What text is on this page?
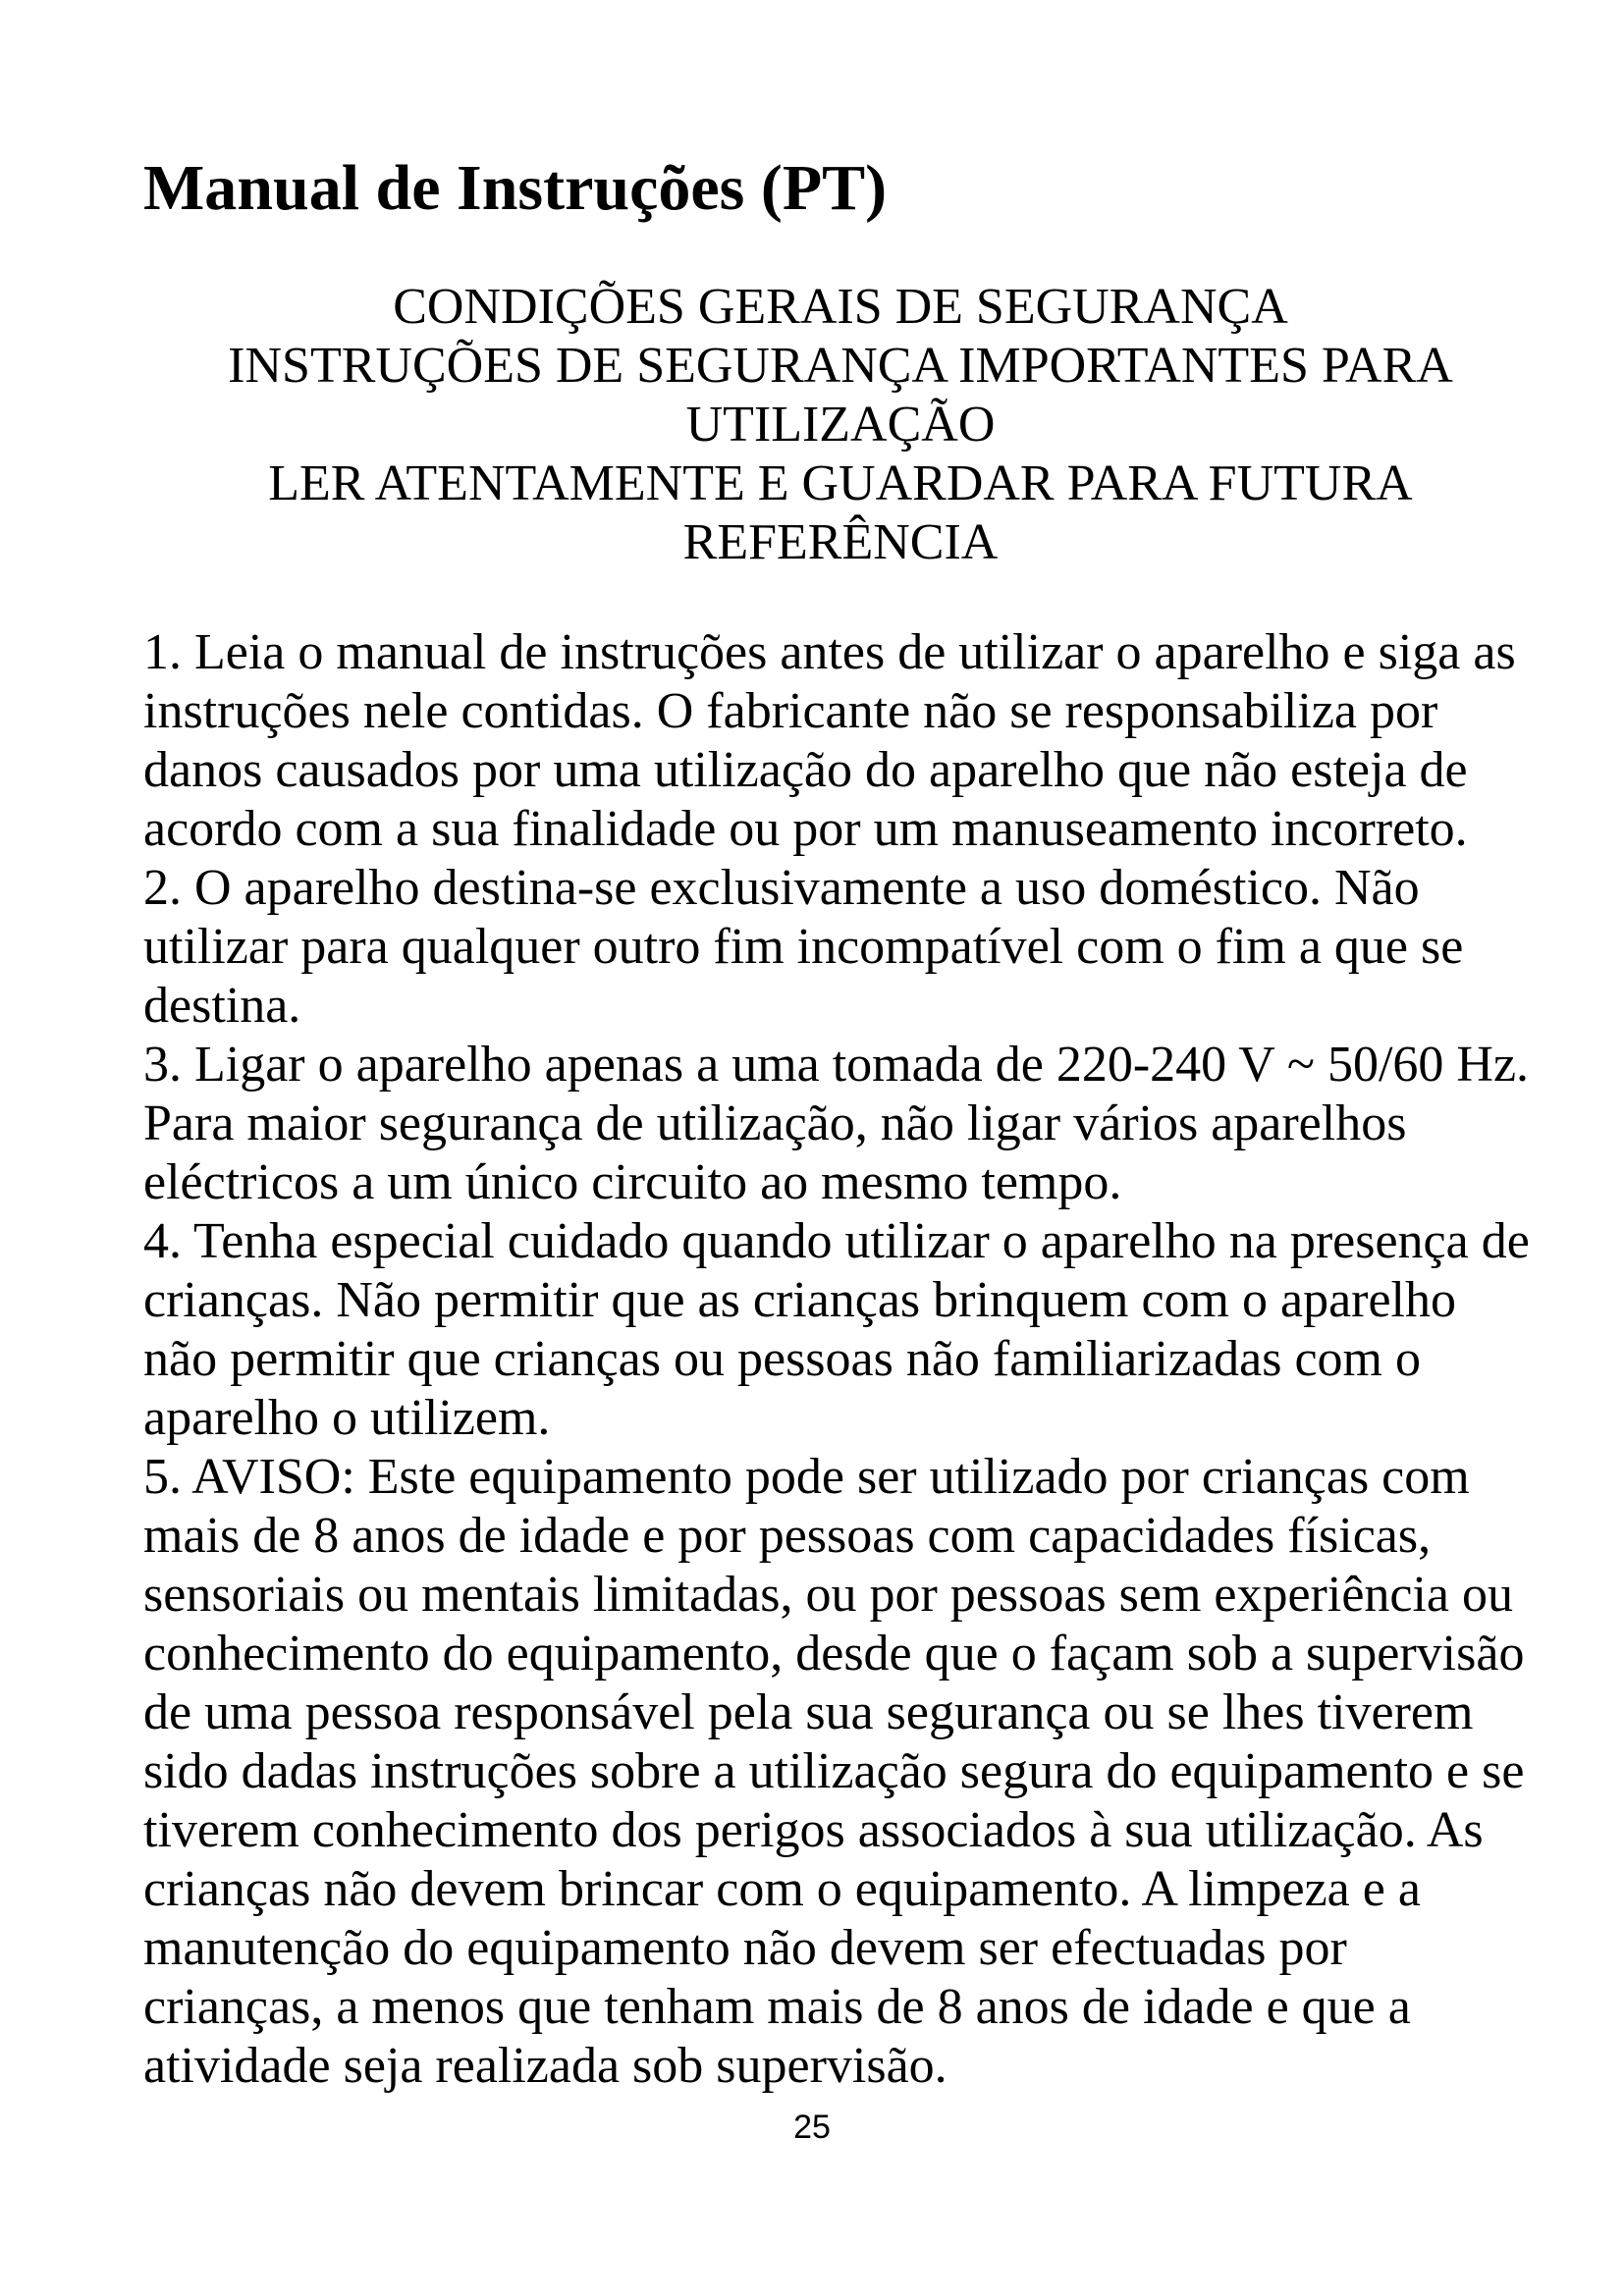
Manual de Instruções (PT)
CONDIÇÕES GERAIS DE SEGURANÇA
INSTRUÇÕES DE SEGURANÇA IMPORTANTES PARA
UTILIZAÇÃO
LER ATENTAMENTE E GUARDAR PARA FUTURA
REFERÊNCIA

1. Leia o manual de instruções antes de utilizar o aparelho e siga as

instruções nele contidas. O fabricante não se responsabiliza por

danos causados por uma utilização do aparelho que não esteja de

acordo com a sua finalidade ou por um manuseamento incorreto.

2. O aparelho destina-se exclusivamente a uso doméstico. Não

utilizar para qualquer outro fim incompatível com o fim a que se

destina.

3. Ligar o aparelho apenas a uma tomada de 220-240 V ~ 50/60 Hz.

Para maior segurança de utilização, não ligar vários aparelhos

eléctricos a um único circuito ao mesmo tempo.

4. Tenha especial cuidado quando utilizar o aparelho na presença de

crianças. Não permitir que as crianças brinquem com o aparelho

não permitir que crianças ou pessoas não familiarizadas com o

aparelho o utilizem.

5. AVISO: Este equipamento pode ser utilizado por crianças com

mais de 8 anos de idade e por pessoas com capacidades físicas,

sensoriais ou mentais limitadas, ou por pessoas sem experiência ou

conhecimento do equipamento, desde que o façam sob a supervisão

de uma pessoa responsável pela sua segurança ou se lhes tiverem

sido dadas instruções sobre a utilização segura do equipamento e se

tiverem conhecimento dos perigos associados à sua utilização. As

crianças não devem brincar com o equipamento. A limpeza e a

manutenção do equipamento não devem ser efectuadas por

crianças, a menos que tenham mais de 8 anos de idade e que a

atividade seja realizada sob supervisão.

25
